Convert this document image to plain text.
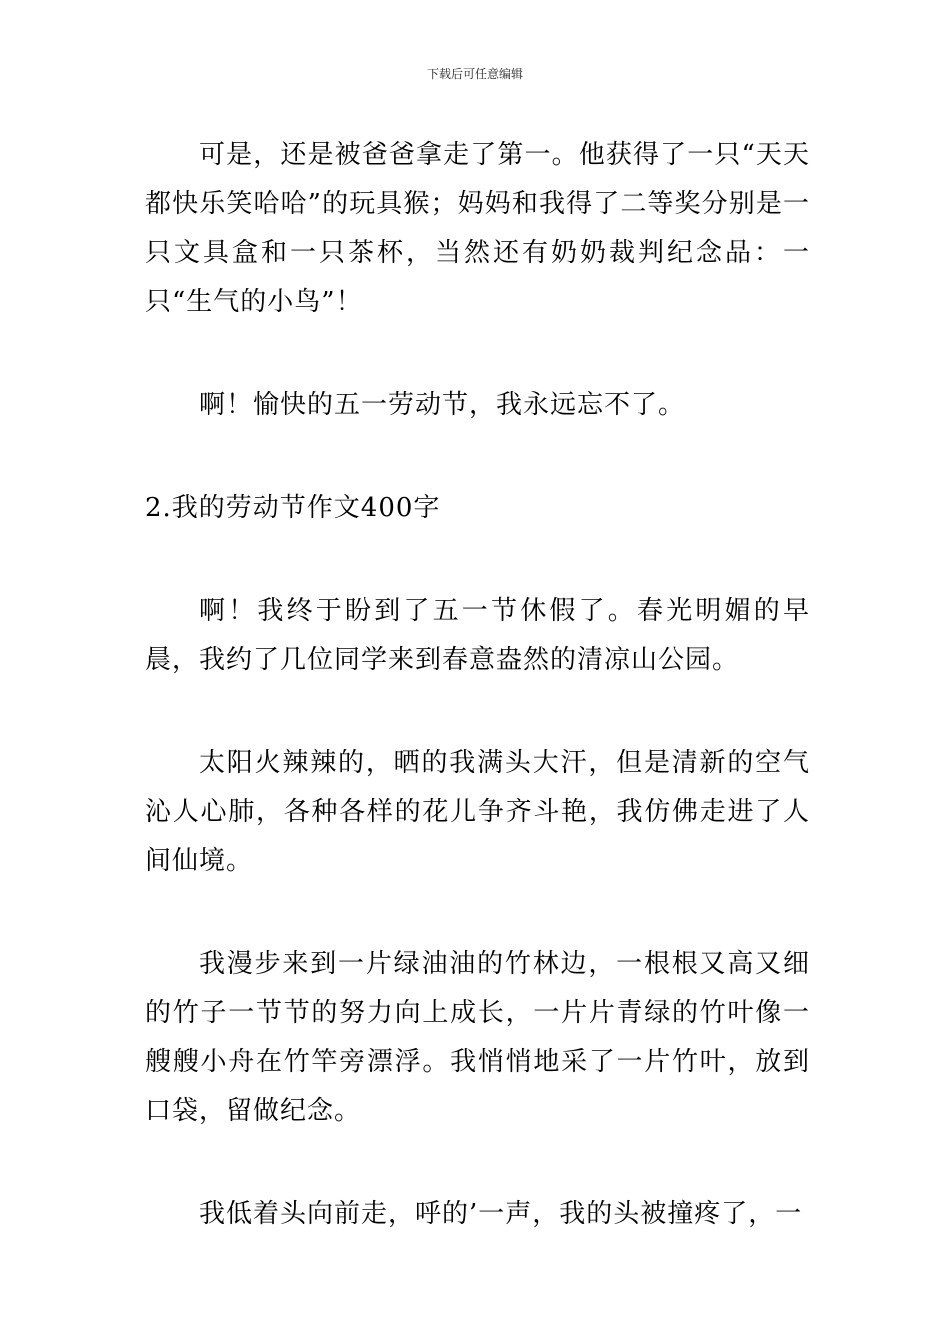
下载后可任意编辑

可是，还是被爸爸拿走了第一。他获得了一只“天天都快乐笑哈哈”的玩具猴；妈妈和我得了二等奖分别是一只文具盒和一只茶杯，当然还有奶奶裁判纪念品：一只“生气的小鸟”！

啊！愉快的五一劳动节，我永远忘不了。

2.我的劳动节作文400字

啊！我终于盼到了五一节休假了。春光明媚的早晨，我约了几位同学来到春意盎然的清凉山公园。

太阳火辣辣的，晒的我满头大汗，但是清新的空气沁人心肺，各种各样的花儿争齐斗艳，我仿佛走进了人间仙境。

我漫步来到一片绿油油的竹林边，一根根又高又细的竹子一节节的努力向上成长，一片片青绿的竹叶像一艘艘小舟在竹竿旁漂浮。我悄悄地采了一片竹叶，放到口袋，留做纪念。

我低着头向前走，呼的’一声，我的头被撞疼了，一
